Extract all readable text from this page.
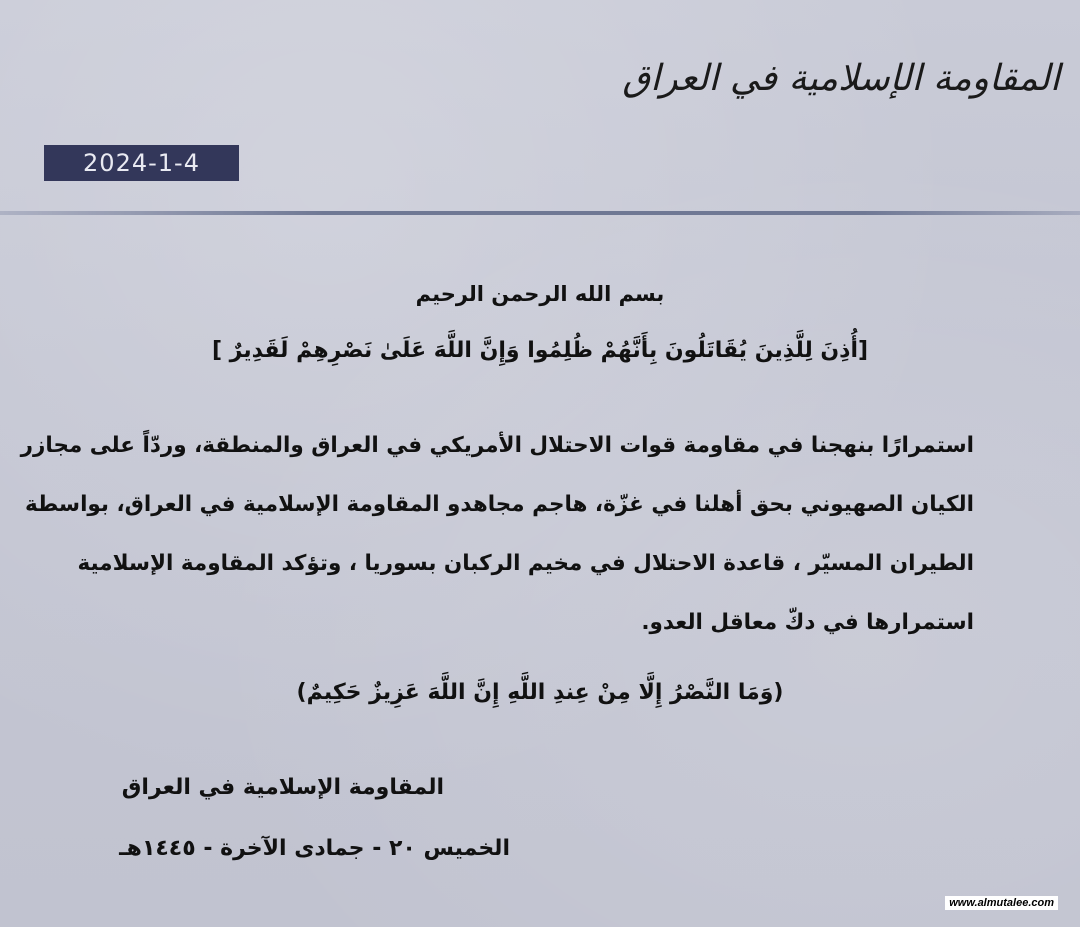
المقاومة الإسلامية في العراق
2024-1-4
بسم الله الرحمن الرحيم
[أُذِنَ لِلَّذِينَ يُقَاتَلُونَ بِأَنَّهُمْ ظُلِمُوا وَإِنَّ اللَّهَ عَلَىٰ نَصْرِهِمْ لَقَدِيرٌ ]
استمرارًا بنهجنا في مقاومة قوات الاحتلال الأمريكي في العراق والمنطقة، وردّاً على مجازر
الكيان الصهيوني بحق أهلنا في غزّة، هاجم مجاهدو المقاومة الإسلامية في العراق، بواسطة
الطيران المسيّر ، قاعدة الاحتلال في مخيم الركبان بسوريا ، وتؤكد المقاومة الإسلامية
استمرارها في دكّ معاقل العدو.
(وَمَا النَّصْرُ إِلَّا مِنْ عِندِ اللَّهِ إِنَّ اللَّهَ عَزِيزٌ حَكِيمٌ)
المقاومة الإسلامية في العراق
الخميس ٢٠ - جمادى الآخرة - ١٤٤٥هـ
www.almutalee.com
